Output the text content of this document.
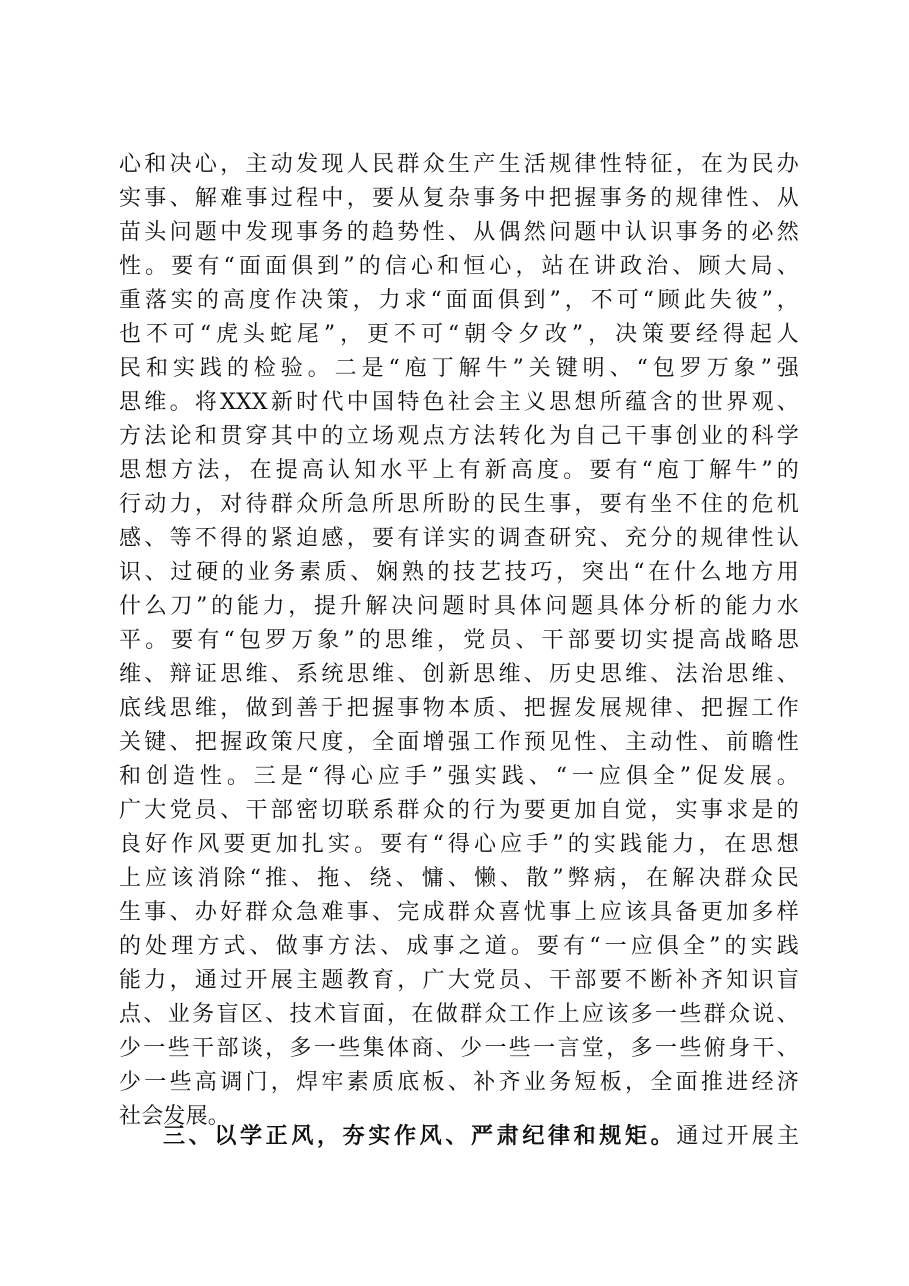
心和决心，主动发现人民群众生产生活规律性特征，在为民办
实事、解难事过程中，要从复杂事务中把握事务的规律性、从
苗头问题中发现事务的趋势性、从偶然问题中认识事务的必然
性。要有“面面俱到”的信心和恒心，站在讲政治、顾大局、
重落实的高度作决策，力求“面面俱到”，不可“顾此失彼”，
也不可“虎头蛇尾”，更不可“朝令夕改”，决策要经得起人
民和实践的检验。二是“庖丁解牛”关键明、“包罗万象”强
思维。将XXX新时代中国特色社会主义思想所蕴含的世界观、
方法论和贯穿其中的立场观点方法转化为自己干事创业的科学
思想方法，在提高认知水平上有新高度。要有“庖丁解牛”的
行动力，对待群众所急所思所盼的民生事，要有坐不住的危机
感、等不得的紧迫感，要有详实的调查研究、充分的规律性认
识、过硬的业务素质、娴熟的技艺技巧，突出“在什么地方用
什么刀”的能力，提升解决问题时具体问题具体分析的能力水
平。要有“包罗万象”的思维，党员、干部要切实提高战略思
维、辩证思维、系统思维、创新思维、历史思维、法治思维、
底线思维，做到善于把握事物本质、把握发展规律、把握工作
关键、把握政策尺度，全面增强工作预见性、主动性、前瞻性
和创造性。三是“得心应手”强实践、“一应俱全”促发展。
广大党员、干部密切联系群众的行为要更加自觉，实事求是的
良好作风要更加扎实。要有“得心应手”的实践能力，在思想
上应该消除“推、拖、绕、慵、懒、散”弊病，在解决群众民
生事、办好群众急难事、完成群众喜忧事上应该具备更加多样
的处理方式、做事方法、成事之道。要有“一应俱全”的实践
能力，通过开展主题教育，广大党员、干部要不断补齐知识盲
点、业务盲区、技术盲面，在做群众工作上应该多一些群众说、
少一些干部谈，多一些集体商、少一些一言堂，多一些俯身干、
少一些高调门，焊牢素质底板、补齐业务短板，全面推进经济
社会发展。
三、以学正风，夯实作风、严肃纪律和规矩。通过开展主
